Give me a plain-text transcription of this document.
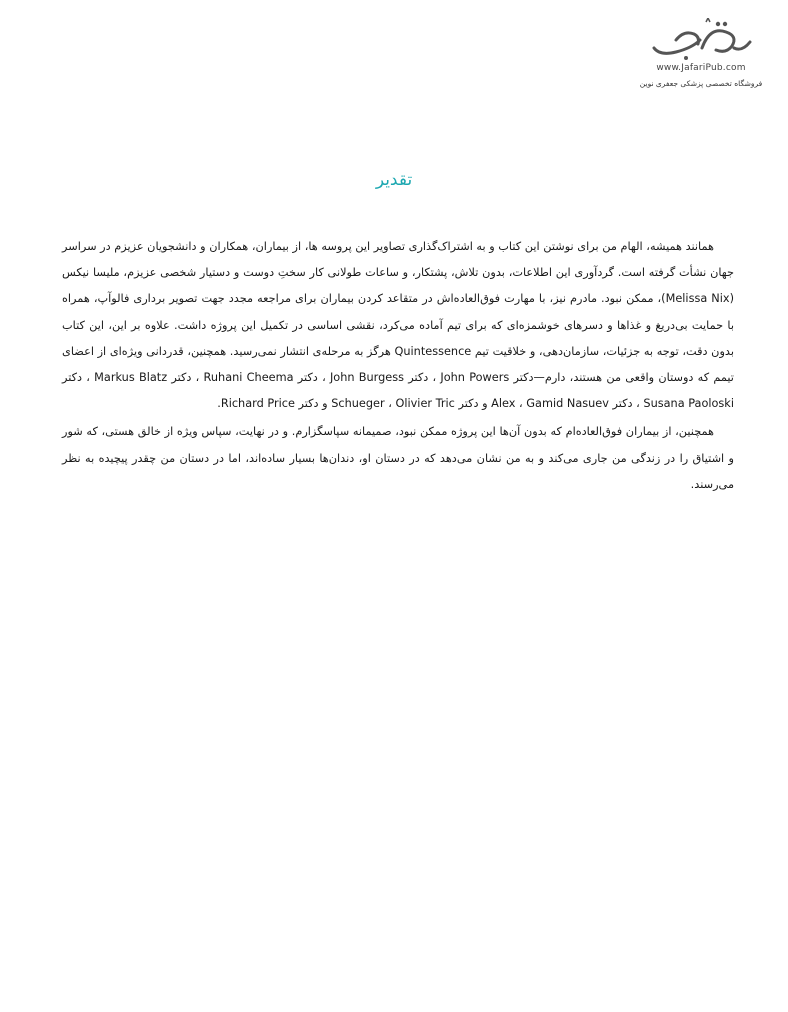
www.JafariPub.com
فروشگاه تخصصی پزشکی جعفری نوین
تقدیر

همانند همیشه، الهام من برای نوشتن این کتاب و به اشتراک‌گذاری تصاویر این پروسه ها، از بیماران، همکاران و دانشجویان عزیزم در سراسر جهان نشأت گرفته است. گردآوری این اطلاعات، بدون تلاش، پشتکار، و ساعات طولانی کار سختِ دوست و دستیار شخصی عزیزم، ملیسا نیکس (Melissa Nix)، ممکن نبود. مادرم نیز، با مهارت فوق‌العاده‌اش در متقاعد کردن بیماران برای مراجعه مجدد جهت تصویر برداری فالوآپ، همراه با حمایت بی‌دریغ و غذاها و دسرهای خوشمزه‌ای که برای تیم آماده می‌کرد، نقشی اساسی در تکمیل این پروژه داشت. علاوه بر این، این کتاب بدون دقت، توجه به جزئیات، سازمان‌دهی، و خلاقیت تیم Quintessence هرگز به مرحله‌ی انتشار نمی‌رسید. همچنین، قدردانی ویژه‌ای از اعضای تیمم که دوستان واقعی من هستند، دارم—دکتر John Powers ، دکتر John Burgess ، دکتر Ruhani Cheema ، دکتر Markus Blatz ، دکتر Susana Paoloski ، دکتر Alex ، Gamid Nasuev و دکتر Schueger ، Olivier Tric و دکتر Richard Price.

همچنین، از بیماران فوق‌العاده‌ام که بدون آن‌ها این پروژه ممکن نبود، صمیمانه سپاسگزارم. و در نهایت، سپاس ویژه از خالق هستی، که شور و اشتیاق را در زندگی من جاری می‌کند و به من نشان می‌دهد که در دستان او، دندان‌ها بسیار ساده‌اند، اما در دستان من چقدر پیچیده به نظر می‌رسند.
